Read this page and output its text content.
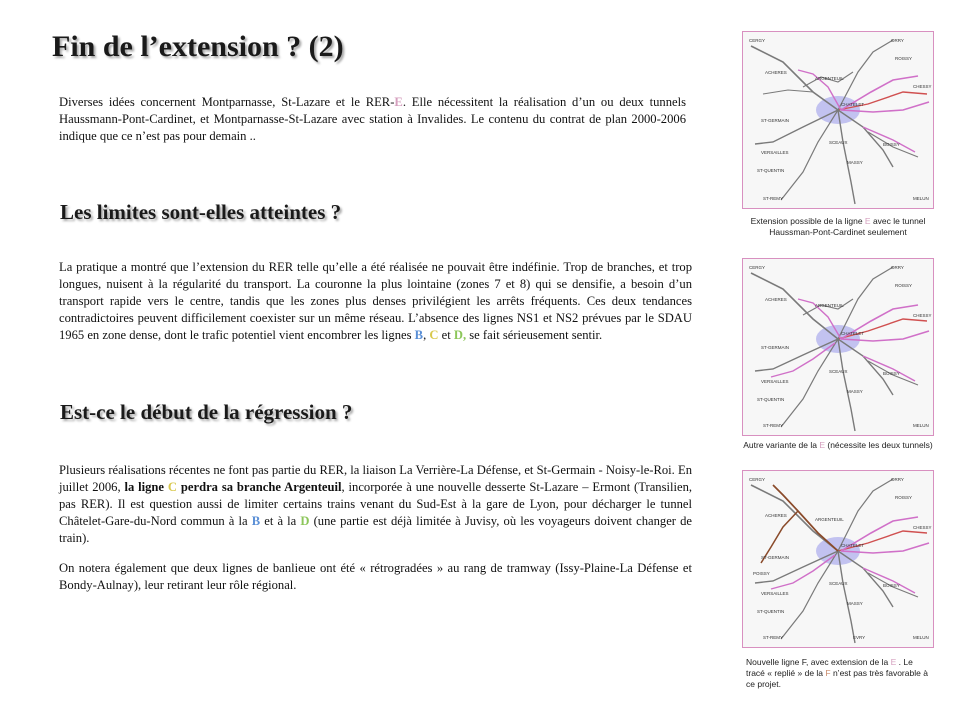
Fin de l’extension ? (2)

Diverses idées concernent Montparnasse, St-Lazare et le RER-E. Elle nécessitent la réalisation d’un ou deux tunnels Haussmann-Pont-Cardinet, et Montparnasse-St-Lazare avec station à Invalides. Le contenu du contrat de plan 2000-2006 indique que ce n’est pas pour demain ..

Les limites sont-elles atteintes ?

La pratique a montré que l’extension du RER telle qu’elle a été réalisée ne pouvait être indéfinie. Trop de branches, et trop longues, nuisent à la régularité du transport. La couronne la plus lointaine (zones 7 et 8) qui se densifie, a besoin d’un transport rapide vers le centre, tandis que les zones plus denses privilégient les arrêts fréquents. Ces deux tendances contradictoires peuvent difficilement coexister sur un même réseau. L’absence des lignes NS1 et NS2 prévues par le SDAU 1965 en zone dense, dont le trafic potentiel vient encombrer les lignes B, C et D, se fait sérieusement sentir.

Est-ce le début de la régression ?

Plusieurs réalisations récentes ne font pas partie du RER, la liaison La Verrière-La Défense, et St-Germain - Noisy-le-Roi. En juillet 2006, la ligne C perdra sa branche Argenteuil, incorporée à une nouvelle desserte St-Lazare – Ermont (Transilien, pas RER). Il est question aussi de limiter certains trains venant du Sud-Est à la gare de Lyon, pour décharger le tunnel Châtelet-Gare-du-Nord commun à la B et à la D (une partie est déjà limitée à Juvisy, où les voyageurs doivent changer de train).

On notera également que deux lignes de banlieue ont été « rétrogradées » au rang de tramway (Issy-Plaine-La Défense et Bondy-Aulnay), leur retirant leur rôle régional.

CERGY	ORRY
ROISSY
ACHERES
ARGENTEUIL
ST-GERMAIN
VERSAILLES
ST-QUENTIN
CHATELET
SCEAUX
MASSY
BOISSY
CHESSY
ST-REMY	MELUN

Extension possible de la ligne E avec le tunnel Haussman-Pont-Cardinet seulement

CERGY	ORRY
ROISSY
ACHERES
ARGENTEUIL
ST-GERMAIN
VERSAILLES
ST-QUENTIN
CHATELET
SCEAUX
MASSY
BOISSY
CHESSY
ST-REMY	MELUN

Autre variante de la E (nécessite les deux tunnels)

CERGY	ORRY
ROISSY
ACHERES
ARGENTEUIL
ST-GERMAIN
POISSY
VERSAILLES
ST-QUENTIN
CHATELET
SCEAUX
MASSY
BOISSY
CHESSY
ST-REMY	MELUN
EVRY

Nouvelle ligne F, avec extension de la E . Le tracé « replié » de la F n’est pas très favorable à ce projet.
